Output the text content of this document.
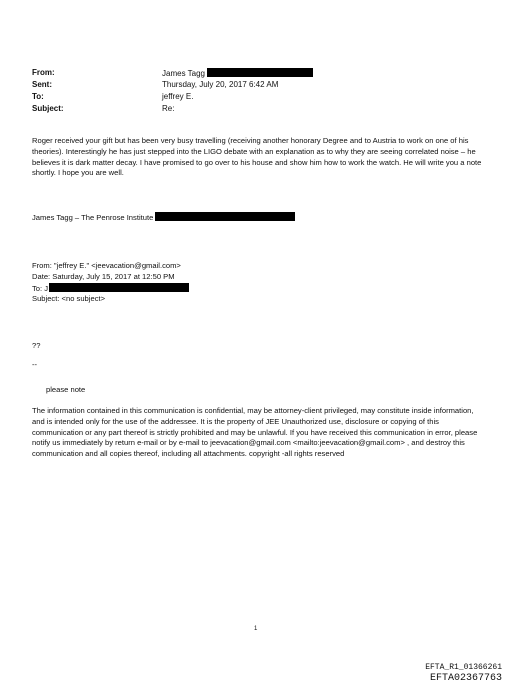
From:	James Tagg
Sent:	Thursday, July 20, 2017 6:42 AM
To:	jeffrey E.
Subject:	Re:
Roger received your gift but has been very busy travelling (receiving another honorary Degree and to Austria to work on one of his theories). Interestingly he has just stepped into the LIGO debate with an explanation as to why they are seeing correlated noise – he believes it is dark matter decay. I have promised to go over to his house and show him how to work the watch. He will write you a note shortly. I hope you are well.
James Tagg – The Penrose Institute
From: "jeffrey E." <jeevacation@gmail.com>
Date: Saturday, July 15, 2017 at 12:50 PM
To: J
Subject: <no subject>
??
--
please note
The information contained in this communication is confidential, may be attorney-client privileged, may constitute inside information, and is intended only for the use of the addressee. It is the property of JEE Unauthorized use, disclosure or copying of this communication or any part thereof is strictly prohibited and may be unlawful. If you have received this communication in error, please notify us immediately by return e-mail or by e-mail to jeevacation@gmail.com <mailto:jeevacation@gmail.com> , and destroy this communication and all copies thereof, including all attachments. copyright -all rights reserved
1
EFTA_R1_01366261
EFTA02367763
